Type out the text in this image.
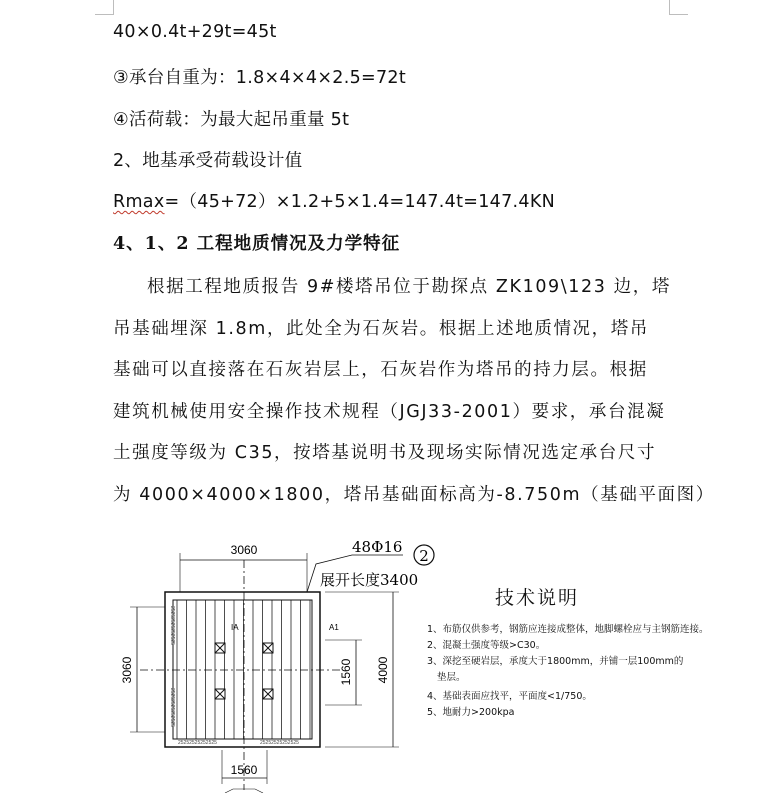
40×0.4t+29t=45t
③承台自重为：1.8×4×4×2.5=72t
④活荷载：为最大起吊重量 5t
2、地基承受荷载设计值
Rmax=（45+72）×1.2+5×1.4=147.4t=147.4KN
4、1、2 工程地质情况及力学特征
根据工程地质报告 9#楼塔吊位于勘探点 ZK109\123 边，塔
吊基础埋深 1.8m，此处全为石灰岩。根据上述地质情况，塔吊
基础可以直接落在石灰岩层上，石灰岩作为塔吊的持力层。根据
建筑机械使用安全操作技术规程（JGJ33-2001）要求，承台混凝
土强度等级为 C35，按塔基说明书及现场实际情况选定承台尺寸
为 4000×4000×1800，塔吊基础面标高为-8.750m（基础平面图）
3060	48Φ16 2
展开长度3400
3060	1560 4000
1560
IA	A1
25252525252525	25252525252525
25252525252525
25252525252525
技术说明
1、布筋仅供参考，钢筋应连接成整体，地脚螺栓应与主钢筋连接。
2、混凝土强度等级>C30。
3、深挖至硬岩层，承度大于1800mm，并铺一层100mm的
垫层。
4、基础表面应找平，平面度<1/750。
5、地耐力>200kpa
